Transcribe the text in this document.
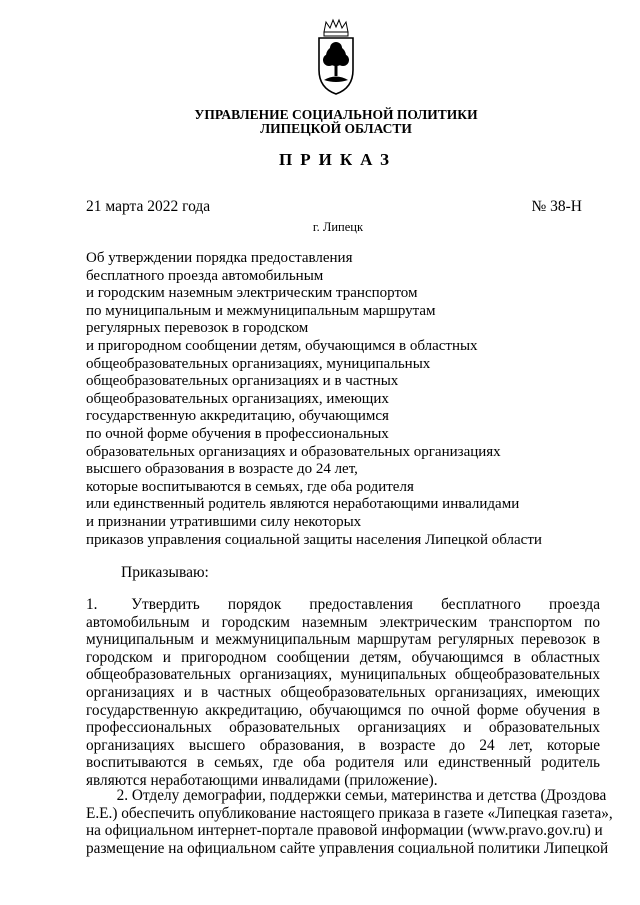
УПРАВЛЕНИЕ СОЦИАЛЬНОЙ ПОЛИТИКИ
ЛИПЕЦКОЙ ОБЛАСТИ
ПРИКАЗ
21 марта 2022 года	№ 38-Н
г. Липецк
Об утверждении порядка предоставления
бесплатного проезда автомобильным
и городским наземным электрическим транспортом
по муниципальным и межмуниципальным маршрутам
регулярных перевозок в городском
и пригородном сообщении детям, обучающимся в областных
общеобразовательных организациях, муниципальных
общеобразовательных организациях и в частных
общеобразовательных организациях, имеющих
государственную аккредитацию, обучающимся
по очной форме обучения в профессиональных
образовательных организациях и образовательных организациях
высшего образования в возрасте до 24 лет,
которые воспитываются в семьях, где оба родителя
или единственный родитель являются неработающими инвалидами
и признании утратившими силу некоторых
приказов управления социальной защиты населения Липецкой области
Приказываю:
1.      Утвердить     порядок     предоставления     бесплатного     проезда
автомобильным и городским наземным электрическим транспортом по
муниципальным и межмуниципальным маршрутам регулярных перевозок в
городском и пригородном сообщении детям, обучающимся в областных
общеобразовательных организациях, муниципальных общеобразовательных
организациях и в частных общеобразовательных организациях, имеющих
государственную аккредитацию, обучающимся по очной форме обучения в
профессиональных образовательных организациях и образовательных
организациях высшего образования, в возрасте до 24 лет, которые
воспитываются в семьях, где оба родителя или единственный родитель
являются неработающими инвалидами (приложение).
2. Отделу демографии, поддержки семьи, материнства и детства (Дроздова
Е.Е.) обеспечить опубликование настоящего приказа в газете «Липецкая газета»,
на официальном интернет-портале правовой информации (www.pravo.gov.ru) и
размещение на официальном сайте управления социальной политики Липецкой
